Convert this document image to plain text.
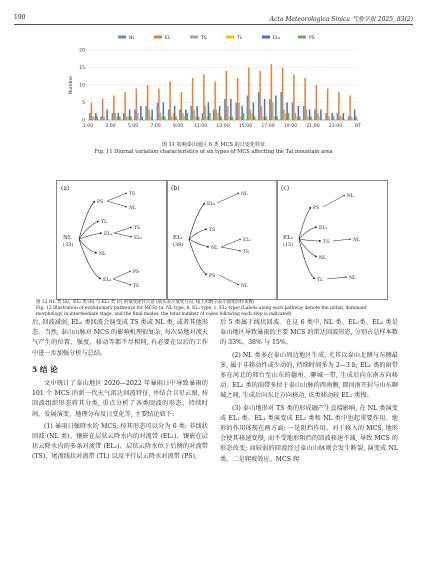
190	Acta Meteorologica Sinica 气象学报 2025, 83(2)
0
5
10
15
20
Number
1:00	3:00	5:00	7:00	9:00 11:00 13:00 15:00 17:00 19:00 21:00 23:00	BT
NL	EL	TS	TL	EL₂	PS
图 11 影响泰山地区 6 类 MCS 的日变化特征
Fig. 11 Diurnal variation characteristics of six types of MCS affecting the Tai mountain area
(a)
NL
(33)
PS
TS
NL
TL
EL₁
TS
EL₂
NL
EL₂
PS
TS
(b)
EL₁
(38)
EL₂
NL
TS
NL
EL₁
TS
PS
NL
(c)
EL₂
(15)
PS
NL
EL₁
TS	NL
NL
TL	NL
图 12 NL 类 (a)、EL₁ 类 (b) 与 EL₂ 类 (c) 的演变途径示意 (箭头表示演变方向, 线上的数字表示演变的样本数)
Fig. 12 Illustration of evolutionary pathways for MCSs (a. NL type, b. EL₁ type, c. EL₂ type) (Labels along each pathway denote the initial, dominant morphology in intermediate stage, and the final modes; the total number of cases following each step is indicated)

后, 回波减弱, EL₂ 类回波会演变成 TS 类或 NL 类, 或者其他形态。当然, 泰山山脉对 MCS 的影响机理很复杂, 每次局地对流天气产生的位置、强度、移动等都不尽相同, 有必要在以后的工作中进一步加强分析与总结。

5 结 论

文中统计了泰山地区 2020—2022 年暴雨日中导致暴雨的 101 个 MCS 的新一代天气雷达回波特征, 并结合卫星云图, 按回波组织形态将其分类, 重点分析了各类回波的形态、持续时间、发展演变、地理分布及日变化等, 主要结论如下:

(1) 暴雨日强降水的 MCS, 按其形态可以分为 6 类: 非线状回波 (NL 类)、镶嵌在层状云降水内的对流带 (EL₁)、镶嵌在层状云降水内的多条对流带 (EL₂)、层状云降水位于后侧的对流带 (TS)、尾流线状对流带 (TL) 以及平行层云降水对流带 (PS),

后 5 类属于线状回波。在这 6 类中, NL 类、EL₁类、EL₂ 类是泰山地区导致暴雨的主要 MCS 的雷达回波形态, 分别占总样本数的 33%、38% 与 15%。

(2) NL 类多在泰山周边地区生成, 尤其以泰山北侧与东侧最多, 属于非移动性或少动的, 持续时间多为 2—3 h; EL₁ 类的雨带多在河北的邢台至山东的德州、聊城一带, 生成后向东南方向移动。EL₂ 类的雨带多位于泰山山脉的西南侧, 即河南开封与山东聊城之间, 生成后向东北方向移动, 该类移动较 EL₁ 类慢。

(3) 泰山地形对 TS 类的形成融产生直接影响, 在 NL 类演变成 EL₁ 类、EL₁ 类演变成 EL₂ 类和 NL 类中也起重要作用。地形的作用体现在两方面: 一是阻挡作用。对于移入的 MCS, 地形会使其移速变慢, 而不受地形阻挡的回波移速不减, 导致 MCS 的形态改变; 而较弱的回波经过泰山山脉则会发生断裂, 演变成 NL 类。二是爬坡效应。MCS 爬
